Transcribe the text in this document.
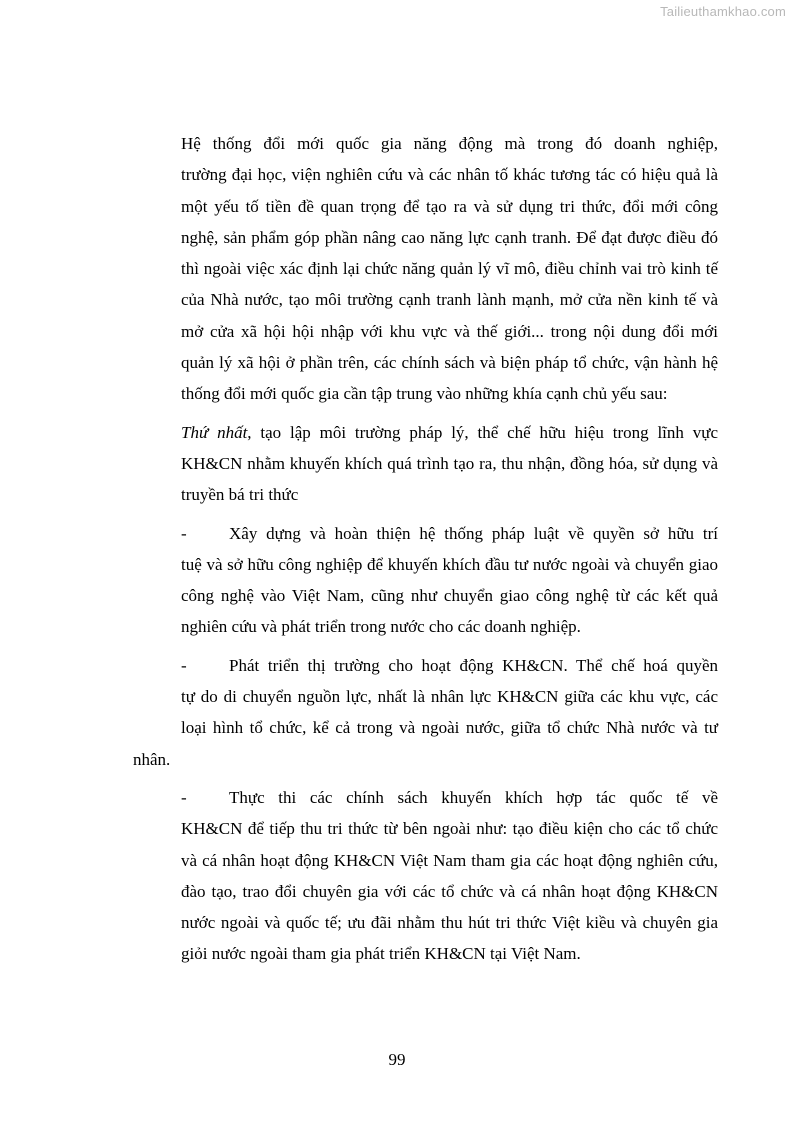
Tailieuthamkhao.com

Hệ thống đổi mới quốc gia năng động mà trong đó doanh nghiệp,
trường đại học, viện nghiên cứu và các nhân tố khác tương tác có hiệu quả là
một yếu tố tiền đề quan trọng để tạo ra và sử dụng tri thức, đổi mới công
nghệ, sản phẩm góp phần nâng cao năng lực cạnh tranh. Để đạt được điều đó
thì ngoài việc xác định lại chức năng quản lý vĩ mô, điều chỉnh vai trò kinh tế
của Nhà nước, tạo môi trường cạnh tranh lành mạnh, mở cửa nền kinh tế và
mở cửa xã hội hội nhập với khu vực và thế giới... trong nội dung đổi mới
quản lý xã hội ở phần trên, các chính sách và biện pháp tổ chức, vận hành hệ
thống đổi mới quốc gia cần tập trung vào những khía cạnh chủ yếu sau:

Thứ nhất, tạo lập môi trường pháp lý, thể chế hữu hiệu trong lĩnh vực
KH&CN nhằm khuyến khích quá trình tạo ra, thu nhận, đồng hóa, sử dụng và
truyền bá tri thức

- Xây dựng và hoàn thiện hệ thống pháp luật về quyền sở hữu trí
tuệ và sở hữu công nghiệp để khuyến khích đầu tư nước ngoài và chuyển giao
công nghệ vào Việt Nam, cũng như chuyển giao công nghệ từ các kết quả
nghiên cứu và phát triển trong nước cho các doanh nghiệp.

- Phát triển thị trường cho hoạt động KH&CN. Thể chế hoá quyền
tự do di chuyển nguồn lực, nhất là nhân lực KH&CN giữa các khu vực, các
loại hình tổ chức, kể cả trong và ngoài nước, giữa tổ chức Nhà nước và tư nhân.

- Thực thi các chính sách khuyến khích hợp tác quốc tế về
KH&CN để tiếp thu tri thức từ bên ngoài như: tạo điều kiện cho các tổ chức
và cá nhân hoạt động KH&CN Việt Nam tham gia các hoạt động nghiên cứu,
đào tạo, trao đổi chuyên gia với các tổ chức và cá nhân hoạt động KH&CN
nước ngoài và quốc tế; ưu đãi nhằm thu hút tri thức Việt kiều và chuyên gia
giỏi nước ngoài tham gia phát triển KH&CN tại Việt Nam.

99
